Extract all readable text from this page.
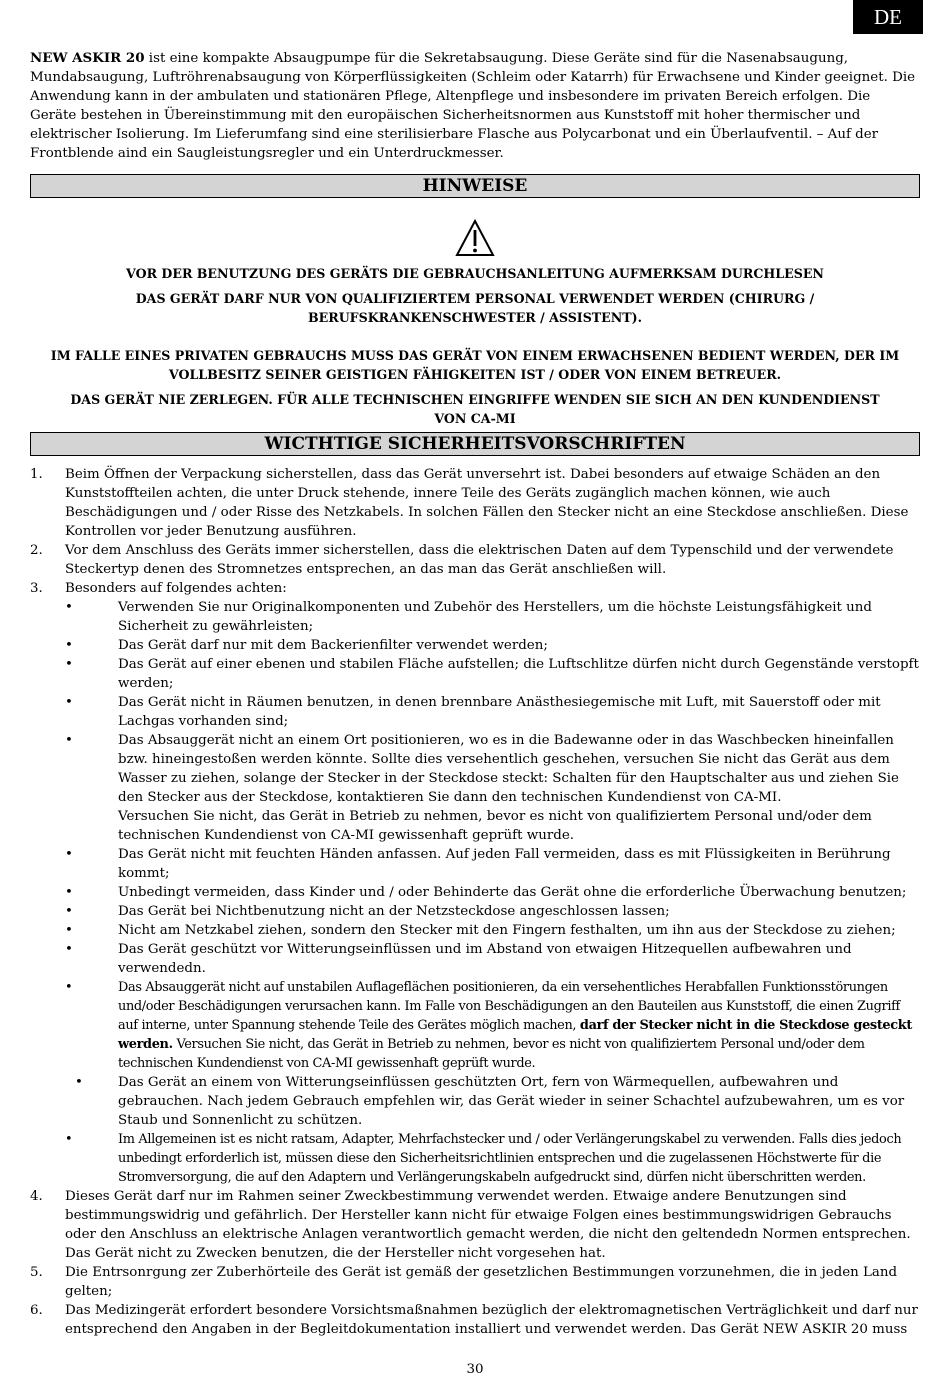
DE

NEW ASKIR 20 ist eine kompakte Absaugpumpe für die Sekretabsaugung. Diese Geräte sind für die Nasenabsaugung, Mundabsaugung, Luftröhrenabsaugung von Körperflüssigkeiten (Schleim oder Katarrh) für Erwachsene und Kinder geeignet. Die Anwendung kann in der ambulaten und stationären Pflege, Altenpflege und insbesondere im privaten Bereich erfolgen. Die Geräte bestehen in Übereinstimmung mit den europäischen Sicherheitsnormen aus Kunststoff mit hoher thermischer und elektrischer Isolierung. Im Lieferumfang sind eine sterilisierbare Flasche aus Polycarbonat und ein Überlaufventil. – Auf der Frontblende aind ein Saugleistungsregler und ein Unterdruckmesser.

HINWEISE

VOR DER BENUTZUNG DES GERÄTS DIE GEBRAUCHSANLEITUNG AUFMERKSAM DURCHLESEN

DAS GERÄT DARF NUR VON QUALIFIZIERTEM PERSONAL VERWENDET WERDEN (CHIRURG / BERUFSKRANKENSCHWESTER / ASSISTENT).

IM FALLE EINES PRIVATEN GEBRAUCHS MUSS DAS GERÄT VON EINEM ERWACHSENEN BEDIENT WERDEN, DER IM VOLLBESITZ SEINER GEISTIGEN FÄHIGKEITEN IST / ODER VON EINEM BETREUER.

DAS GERÄT NIE ZERLEGEN. FÜR ALLE TECHNISCHEN EINGRIFFE WENDEN SIE SICH AN DEN KUNDENDIENST VON CA-MI

WICTHTIGE SICHERHEITSVORSCHRIFTEN
1. Beim Öffnen der Verpackung sicherstellen, dass das Gerät unversehrt ist. Dabei besonders auf etwaige Schäden an den Kunststoffteilen achten, die unter Druck stehende, innere Teile des Geräts zugänglich machen können, wie auch Beschädigungen und / oder Risse des Netzkabels. In solchen Fällen den Stecker nicht an eine Steckdose anschließen. Diese Kontrollen vor jeder Benutzung ausführen.
2. Vor dem Anschluss des Geräts immer sicherstellen, dass die elektrischen Daten auf dem Typenschild und der verwendete Steckertyp denen des Stromnetzes entsprechen, an das man das Gerät anschließen will.
3. Besonders auf folgendes achten:
•	Verwenden Sie nur Originalkomponenten und Zubehör des Herstellers, um die höchste Leistungsfähigkeit und Sicherheit zu gewährleisten;
•	Das Gerät darf nur mit dem Backerienfilter verwendet werden;
•	Das Gerät auf einer ebenen und stabilen Fläche aufstellen; die Luftschlitze dürfen nicht durch Gegenstände verstopft werden;
•	Das Gerät nicht in Räumen benutzen, in denen brennbare Anästhesiegemische mit Luft, mit Sauerstoff oder mit Lachgas vorhanden sind;
•	Das Absauggerät nicht an einem Ort positionieren, wo es in die Badewanne oder in das Waschbecken hineinfallen bzw. hineingestoßen werden könnte. Sollte dies versehentlich geschehen, versuchen Sie nicht das Gerät aus dem Wasser zu ziehen, solange der Stecker in der Steckdose steckt: Schalten für den Hauptschalter aus und ziehen Sie den Stecker aus der Steckdose, kontaktieren Sie dann den technischen Kundendienst von CA-MI.
Versuchen Sie nicht, das Gerät in Betrieb zu nehmen, bevor es nicht von qualifiziertem Personal und/oder dem technischen Kundendienst von CA-MI gewissenhaft geprüft wurde.
•	Das Gerät nicht mit feuchten Händen anfassen. Auf jeden Fall vermeiden, dass es mit Flüssigkeiten in Berührung kommt;
•	Unbedingt vermeiden, dass Kinder und / oder Behinderte das Gerät ohne die erforderliche Überwachung benutzen;
•	Das Gerät bei Nichtbenutzung nicht an der Netzsteckdose angeschlossen lassen;
•	Nicht am Netzkabel ziehen, sondern den Stecker mit den Fingern festhalten, um ihn aus der Steckdose zu ziehen;
•	Das Gerät geschützt vor Witterungseinflüssen und im Abstand von etwaigen Hitzequellen aufbewahren und verwendedn.
•	Das Absauggerät nicht auf unstabilen Auflageflächen positionieren, da ein versehentliches Herabfallen Funktionsstörungen und/oder Beschädigungen verursachen kann. Im Falle von Beschädigungen an den Bauteilen aus Kunststoff, die einen Zugriff auf interne, unter Spannung stehende Teile des Gerätes möglich machen, darf der Stecker nicht in die Steckdose gesteckt werden. Versuchen Sie nicht, das Gerät in Betrieb zu nehmen, bevor es nicht von qualifiziertem Personal und/oder dem technischen Kundendienst von CA-MI gewissenhaft geprüft wurde.
•	Das Gerät an einem von Witterungseinflüssen geschützten Ort, fern von Wärmequellen, aufbewahren und gebrauchen. Nach jedem Gebrauch empfehlen wir, das Gerät wieder in seiner Schachtel aufzubewahren, um es vor Staub und Sonnenlicht zu schützen.
•	Im Allgemeinen ist es nicht ratsam, Adapter, Mehrfachstecker und / oder Verlängerungskabel zu verwenden. Falls dies jedoch unbedingt erforderlich ist, müssen diese den Sicherheitsrichtlinien entsprechen und die zugelassenen Höchstwerte für die Stromversorgung, die auf den Adaptern und Verlängerungskabeln aufgedruckt sind, dürfen nicht überschritten werden.
4. Dieses Gerät darf nur im Rahmen seiner Zweckbestimmung verwendet werden. Etwaige andere Benutzungen sind bestimmungswidrig und gefährlich. Der Hersteller kann nicht für etwaige Folgen eines bestimmungswidrigen Gebrauchs oder den Anschluss an elektrische Anlagen verantwortlich gemacht werden, die nicht den geltendedn Normen entsprechen. Das Gerät nicht zu Zwecken benutzen, die der Hersteller nicht vorgesehen hat.
5. Die Entrsonrgung zer Zuberhörteile des Gerät ist gemäß der gesetzlichen Bestimmungen vorzunehmen, die in jeden Land gelten;
6. Das Medizingerät erfordert besondere Vorsichtsmaßnahmen bezüglich der elektromagnetischen Verträglichkeit und darf nur entsprechend den Angaben in der Begleitdokumentation installiert und verwendet werden. Das Gerät NEW ASKIR 20 muss
30
